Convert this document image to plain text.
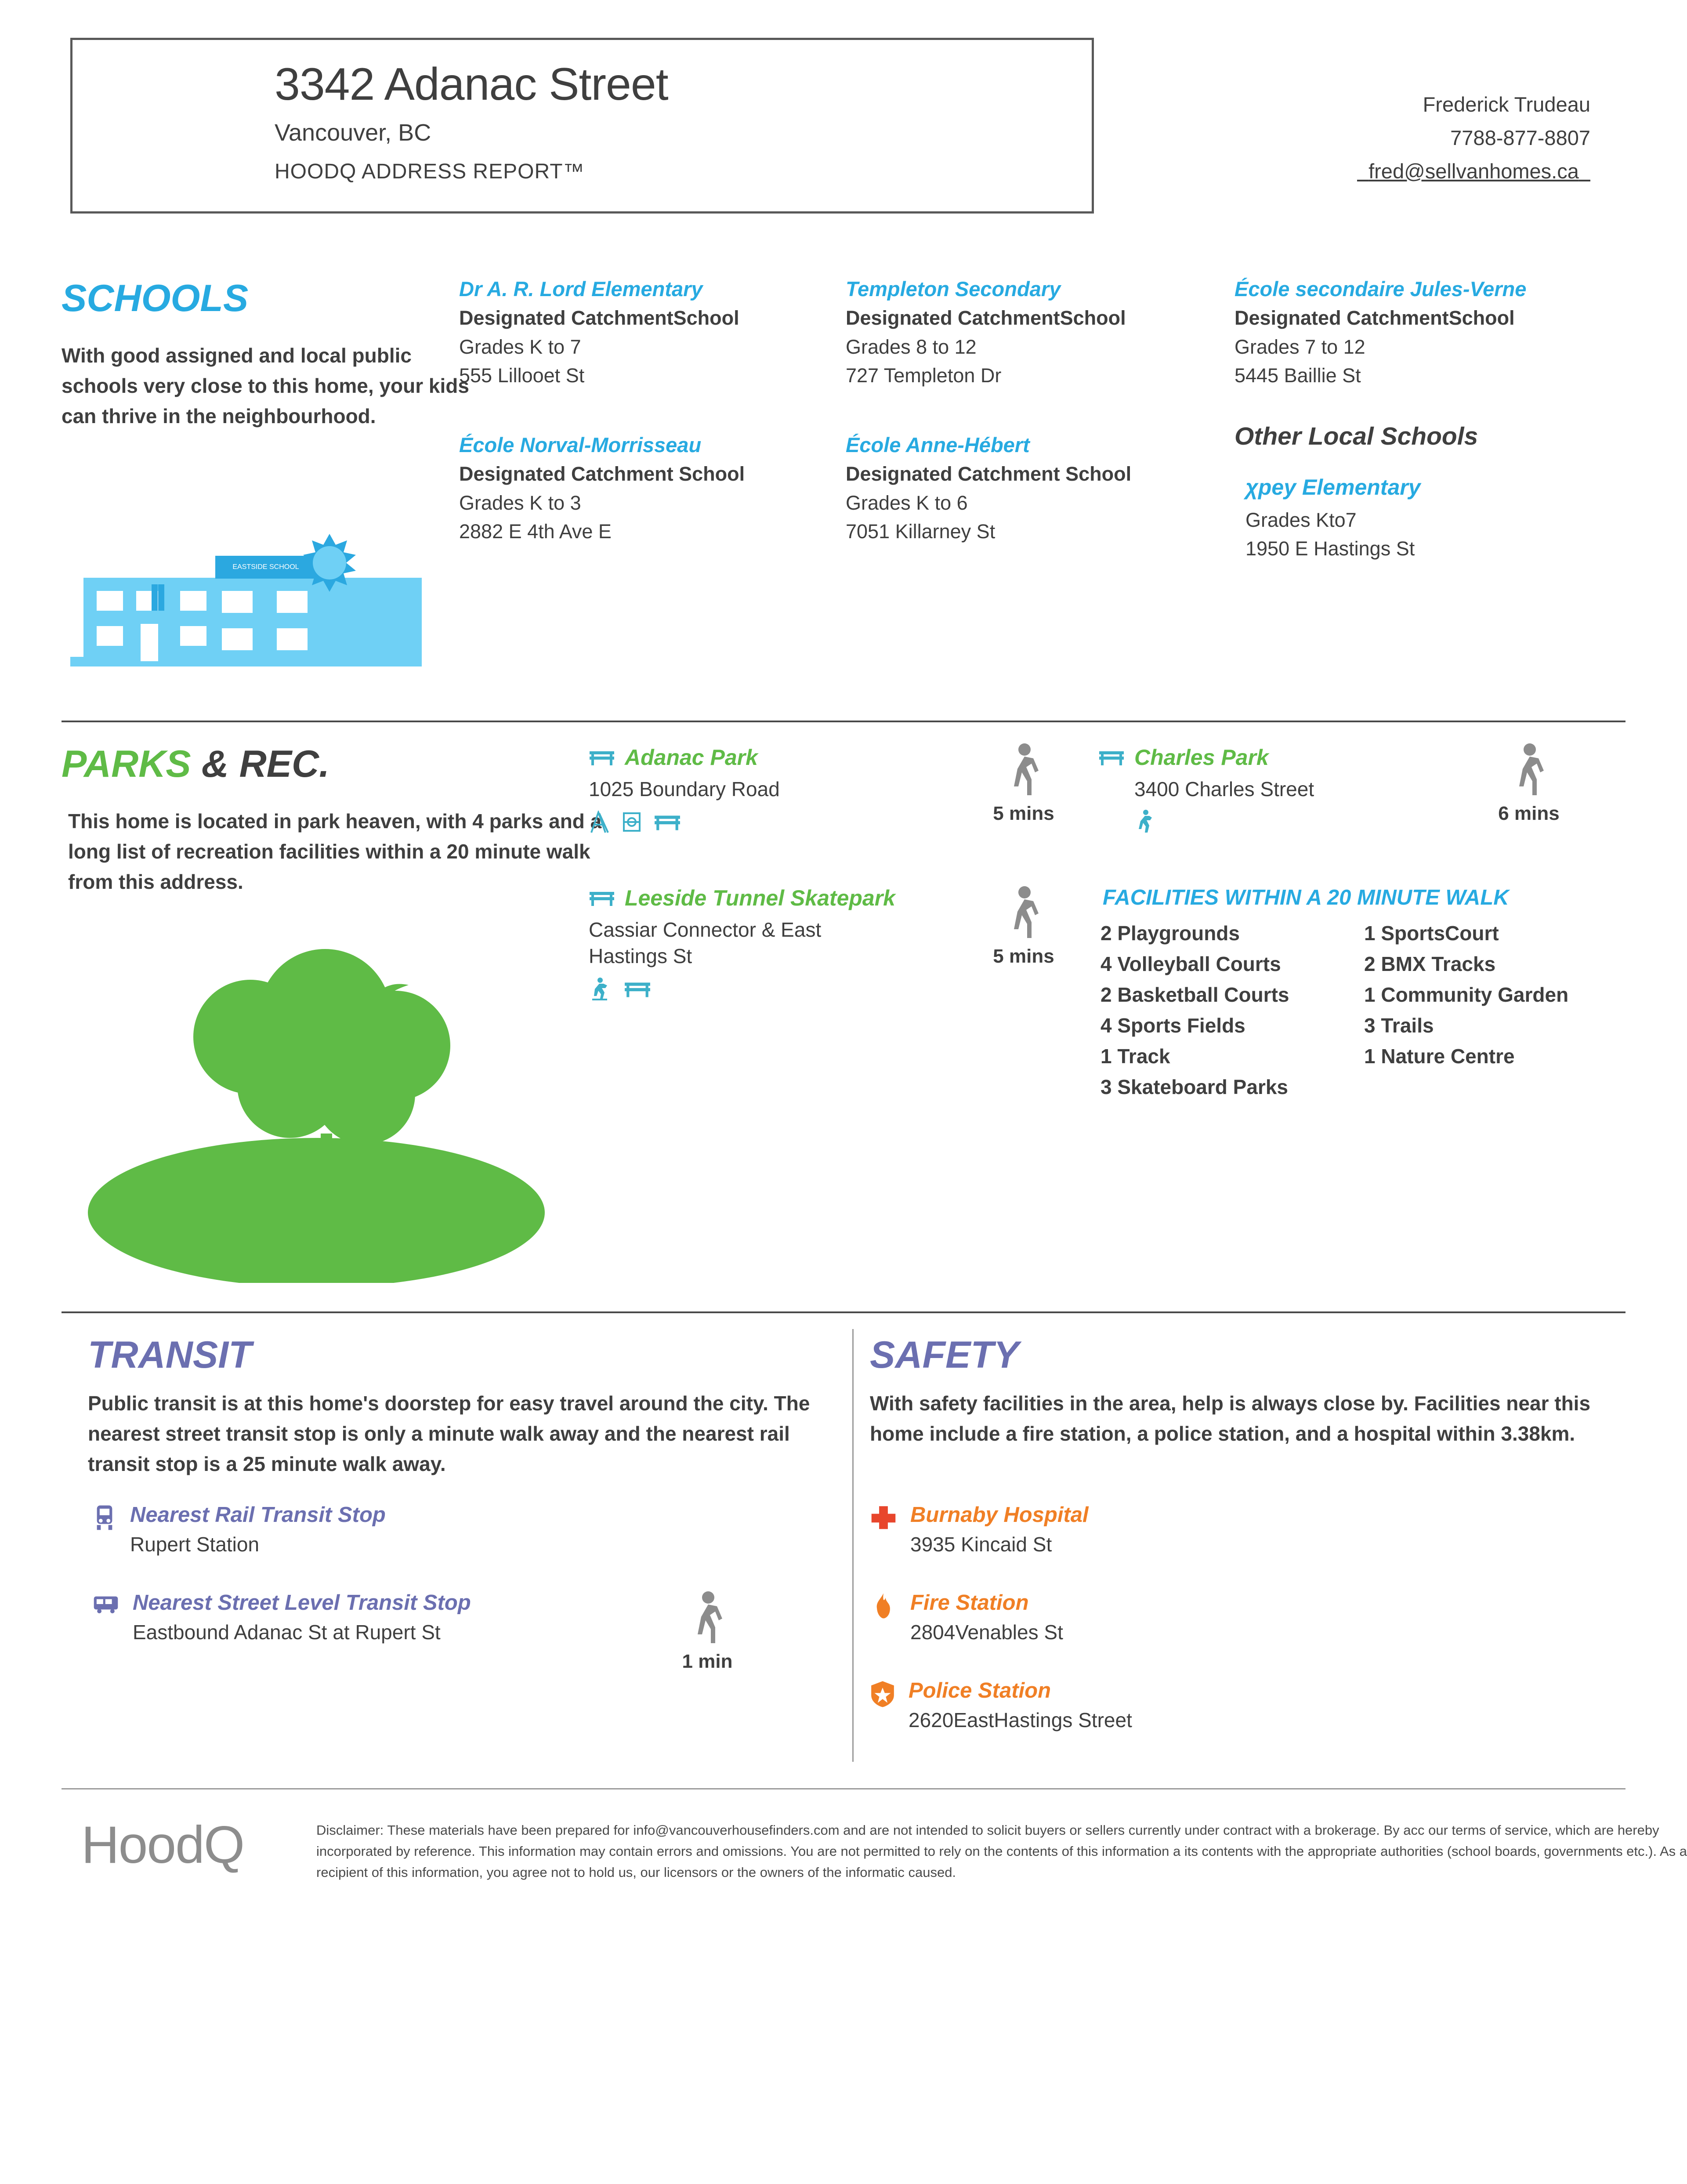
3342 Adanac Street
Vancouver, BC
HOODQ ADDRESS REPORT™
Frederick Trudeau
7788-877-8807
fred@sellvanhomes.ca
SCHOOLS
With good assigned and local public schools very close to this home, your kids can thrive in the neighbourhood.
Dr A. R. Lord Elementary
Designated CatchmentSchool
Grades K to 7
555 Lillooet St
École Norval-Morrisseau
Designated Catchment School
Grades K to 3
2882 E 4th Ave E
Templeton Secondary
Designated CatchmentSchool
Grades 8 to 12
727 Templeton Dr
École Anne-Hébert
Designated Catchment School
Grades K to 6
7051 Killarney St
École secondaire Jules-Verne
Designated CatchmentSchool
Grades 7 to 12
5445 Baillie St
Other Local Schools
χpey Elementary
Grades Kto7
1950 E Hastings St
EASTSIDE SCHOOL
PARKS & REC.
This home is located in park heaven, with 4 parks and a long list of recreation facilities within a 20 minute walk from this address.
Adanac Park
1025 Boundary Road
5 mins
Charles Park
3400 Charles Street
6 mins
Leeside Tunnel Skatepark
Cassiar Connector & East Hastings St	5 mins
FACILITIES WITHIN A 20 MINUTE WALK
2 Playgrounds
4 Volleyball Courts
2 Basketball Courts
4 Sports Fields
1 Track
3 Skateboard Parks
1 SportsCourt
2 BMX Tracks
1 Community Garden
3 Trails
1 Nature Centre
TRANSIT
Public transit is at this home's doorstep for easy travel around the city. The nearest street transit stop is only a minute walk away and the nearest rail transit stop is a 25 minute walk away.
Nearest Rail Transit Stop
Rupert Station
Nearest Street Level Transit Stop
Eastbound Adanac St at Rupert St
1 min
SAFETY
With safety facilities in the area, help is always close by. Facilities near this home include a fire station, a police station, and a hospital within 3.38km.
Burnaby Hospital
3935 Kincaid St
Fire Station
2804Venables St
Police Station
2620EastHastings Street
HoodQ	Disclaimer: These materials have been prepared for info@vancouverhousefinders.com and are not intended to solicit buyers or sellers currently under contract with a brokerage. By acc our terms of service, which are hereby incorporated by reference. This information may contain errors and omissions. You are not permitted to rely on the contents of this information a its contents with the appropriate authorities (school boards, governments etc.). As a recipient of this information, you agree not to hold us, our licensors or the owners of the informatic caused.
